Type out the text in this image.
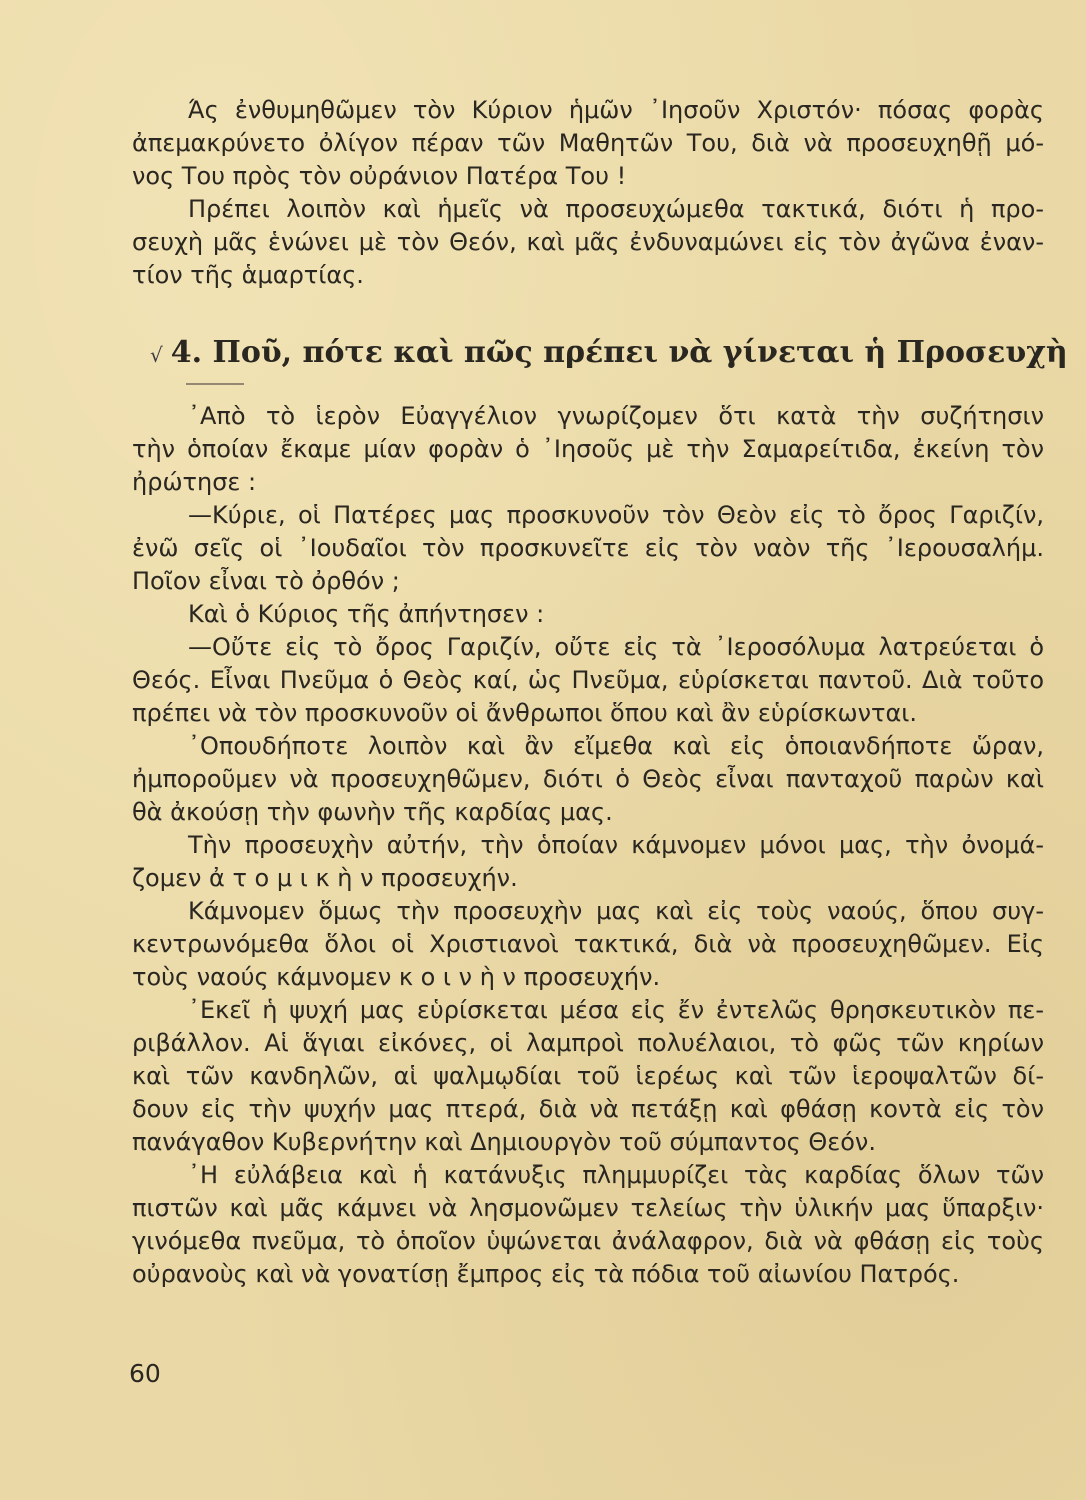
Άς ἐνθυμηθῶμεν τὸν Κύριον ἡμῶν ᾿Ιησοῦν Χριστόν· πόσας φορὰς
ἀπεμακρύνετο ὀλίγον πέραν τῶν Μαθητῶν Του, διὰ νὰ προσευχηθῇ μό-
νος Του πρὸς τὸν οὐράνιον Πατέρα Του !
Πρέπει λοιπὸν καὶ ἡμεῖς νὰ προσευχώμεθα τακτικά, διότι ἡ προ-
σευχὴ μᾶς ἑνώνει μὲ τὸν Θεόν, καὶ μᾶς ἐνδυναμώνει εἰς τὸν ἀγῶνα ἐναν-
τίον τῆς ἁμαρτίας.
√ 4. Ποῦ, πότε καὶ πῶς πρέπει νὰ γίνεται ἡ Προσευχὴ
᾿Απὸ τὸ ἱερὸν Εὐαγγέλιον γνωρίζομεν ὅτι κατὰ τὴν συζήτησιν
τὴν ὁποίαν ἔκαμε μίαν φορὰν ὁ ᾿Ιησοῦς μὲ τὴν Σαμαρείτιδα, ἐκείνη τὸν
ἠρώτησε :
—Κύριε, οἱ Πατέρες μας προσκυνοῦν τὸν Θεὸν εἰς τὸ ὄρος Γαριζίν,
ἐνῶ σεῖς οἱ ᾿Ιουδαῖοι τὸν προσκυνεῖτε εἰς τὸν ναὸν τῆς ᾽Ιερουσαλήμ.
Ποῖον εἶναι τὸ ὀρθόν ;
Καὶ ὁ Κύριος τῆς ἀπήντησεν :
—Οὔτε εἰς τὸ ὄρος Γαριζίν, οὔτε εἰς τὰ ᾽Ιεροσόλυμα λατρεύεται ὁ
Θεός. Εἶναι Πνεῦμα ὁ Θεὸς καί, ὡς Πνεῦμα, εὑρίσκεται παντοῦ. Διὰ τοῦτο
πρέπει νὰ τὸν προσκυνοῦν οἱ ἄνθρωποι ὅπου καὶ ἂν εὑρίσκωνται.
᾽Οπουδήποτε λοιπὸν καὶ ἂν εἴμεθα καὶ εἰς ὁποιανδήποτε ὥραν,
ἠμποροῦμεν νὰ προσευχηθῶμεν, διότι ὁ Θεὸς εἶναι πανταχοῦ παρὼν καὶ
θὰ ἀκούσῃ τὴν φωνὴν τῆς καρδίας μας.
Τὴν προσευχὴν αὐτήν, τὴν ὁποίαν κάμνομεν μόνοι μας, τὴν ὀνομά-
ζομεν ἀ τ ο μ ι κ ὴ ν προσευχήν.
Κάμνομεν ὅμως τὴν προσευχὴν μας καὶ εἰς τοὺς ναούς, ὅπου συγ-
κεντρωνόμεθα ὅλοι οἱ Χριστιανοὶ τακτικά, διὰ νὰ προσευχηθῶμεν. Εἰς
τοὺς ναούς κάμνομεν κ ο ι ν ὴ ν προσευχήν.
᾿Εκεῖ ἡ ψυχή μας εὑρίσκεται μέσα εἰς ἔν ἐντελῶς θρησκευτικὸν πε-
ριβάλλον. Αἱ ἅγιαι εἰκόνες, οἱ λαμπροὶ πολυέλαιοι, τὸ φῶς τῶν κηρίων
καὶ τῶν κανδηλῶν, αἱ ψαλμῳδίαι τοῦ ἱερέως καὶ τῶν ἱεροψαλτῶν δί-
δουν εἰς τὴν ψυχήν μας πτερά, διὰ νὰ πετάξῃ καὶ φθάσῃ κοντὰ εἰς τὸν
πανάγαθον Κυβερνήτην καὶ Δημιουργὸν τοῦ σύμπαντος Θεόν.
᾽Η εὐλάβεια καὶ ἡ κατάνυξις πλημμυρίζει τὰς καρδίας ὅλων τῶν
πιστῶν καὶ μᾶς κάμνει νὰ λησμονῶμεν τελείως τὴν ὑλικήν μας ὕπαρξιν·
γινόμεθα πνεῦμα, τὸ ὁποῖον ὑψώνεται ἀνάλαφρον, διὰ νὰ φθάσῃ εἰς τοὺς
οὐρανοὺς καὶ νὰ γονατίσῃ ἔμπρος εἰς τὰ πόδια τοῦ αἰωνίου Πατρός.
60
